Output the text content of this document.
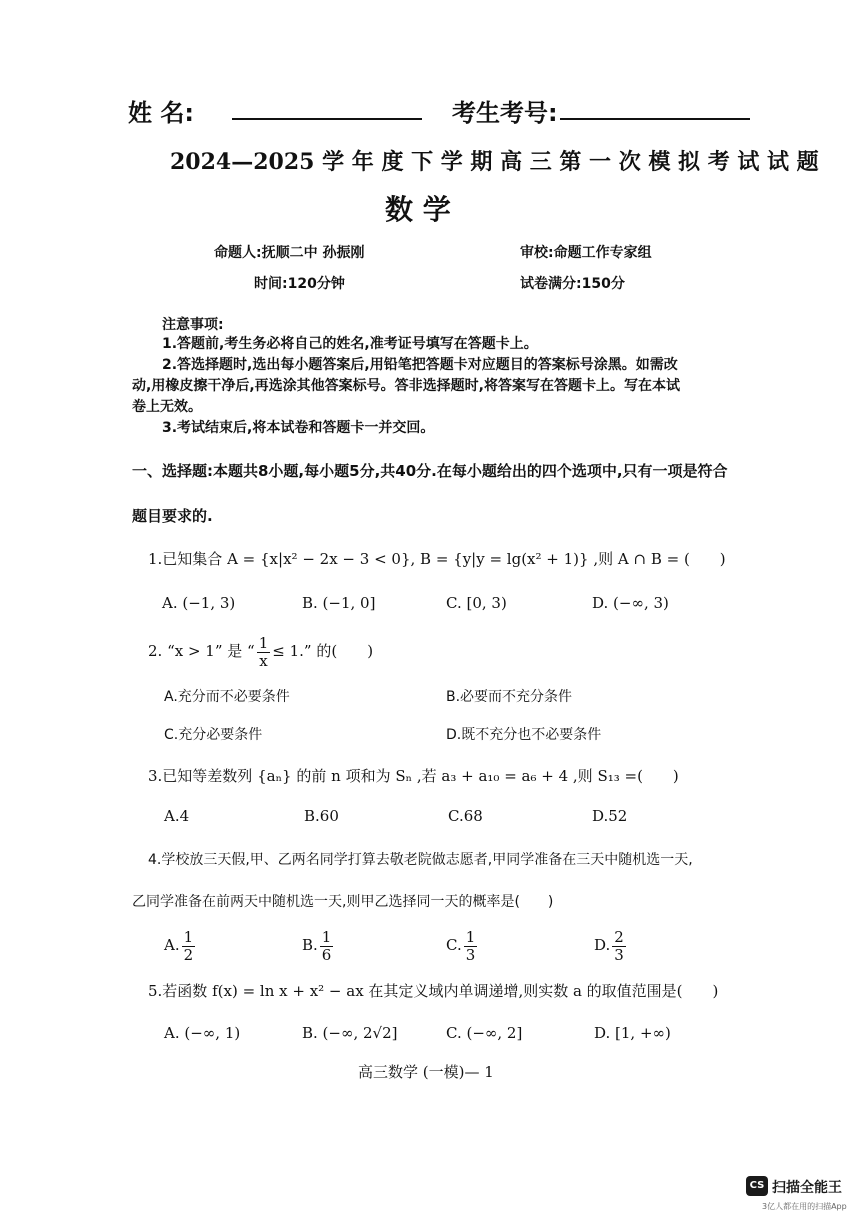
姓 名:	考生考号:
2024—2025 学 年 度 下 学 期 高 三 第 一 次 模 拟 考 试 试 题
数 学
命题人:抚顺二中 孙振刚	审校:命题工作专家组
时间:120分钟	试卷满分:150分
注意事项:
1.答题前,考生务必将自己的姓名,准考证号填写在答题卡上。
2.答选择题时,选出每小题答案后,用铅笔把答题卡对应题目的答案标号涂黑。如需改
动,用橡皮擦干净后,再选涂其他答案标号。答非选择题时,将答案写在答题卡上。写在本试
卷上无效。
3.考试结束后,将本试卷和答题卡一并交回。
一、选择题:本题共8小题,每小题5分,共40分.在每小题给出的四个选项中,只有一项是符合
题目要求的.
1.已知集合 A = {x|x² − 2x − 3 < 0}, B = {y|y = lg(x² + 1)} ,则 A ∩ B = (　　)
A. (−1, 3)	B. (−1, 0]	C. [0, 3)	D. (−∞, 3)
2. “x > 1” 是 “ $\frac{1}{x} \le 1$.” 的(　　)
A.充分而不必要条件	B.必要而不充分条件
C.充分必要条件	D.既不充分也不必要条件
3.已知等差数列 {aₙ} 的前 n 项和为 Sₙ ,若 a₃ + a₁₀ = a₆ + 4 ,则 S₁₃ =(　　)
A.4	B.60	C.68	D.52
4.学校放三天假,甲、乙两名同学打算去敬老院做志愿者,甲同学准备在三天中随机选一天,
乙同学准备在前两天中随机选一天,则甲乙选择同一天的概率是(　　)
A. $\frac{1}{2}$	B. $\frac{1}{6}$	C. $\frac{1}{3}$	D. $\frac{2}{3}$
5.若函数 f(x) = ln x + x² − ax 在其定义域内单调递增,则实数 a 的取值范围是(　　)
A. (−∞, 1)	B. (−∞, 2√2]	C. (−∞, 2]	D. [1, +∞)
高三数学 (一模)— 1
CS 扫描全能王
3亿人都在用的扫描App
